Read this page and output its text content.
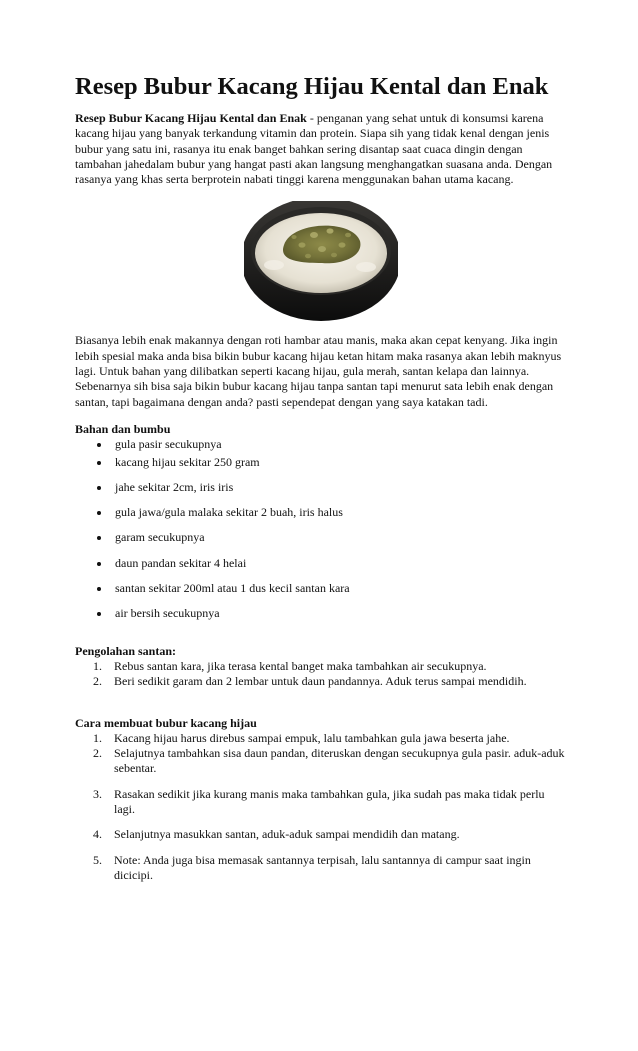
Resep Bubur Kacang Hijau Kental dan Enak

Resep Bubur Kacang Hijau Kental dan Enak - penganan yang sehat untuk di konsumsi karena kacang hijau yang banyak terkandung vitamin dan protein. Siapa sih yang tidak kenal dengan jenis bubur yang satu ini, rasanya itu enak banget bahkan sering disantap saat cuaca dingin dengan tambahan jahedalam bubur yang hangat pasti akan langsung menghangatkan suasana anda. Dengan rasanya yang khas serta berprotein nabati tinggi karena menggunakan bahan utama kacang.

Biasanya lebih enak makannya dengan roti hambar atau manis, maka akan cepat kenyang. Jika ingin lebih spesial maka anda bisa bikin bubur kacang hijau ketan hitam maka rasanya akan lebih maknyus lagi. Untuk bahan yang dilibatkan seperti kacang hijau, gula merah, santan kelapa dan lainnya. Sebenarnya sih bisa saja bikin bubur kacang hijau tanpa santan tapi menurut sata lebih enak dengan santan, tapi bagaimana dengan anda? pasti sependepat dengan yang saya katakan tadi.

Bahan dan bumbu

gula pasir secukupnya
kacang hijau sekitar 250 gram
jahe sekitar 2cm, iris iris
gula jawa/gula malaka sekitar 2 buah, iris halus
garam secukupnya
daun pandan sekitar 4 helai
santan sekitar 200ml atau 1 dus kecil santan kara
air bersih secukupnya

Pengolahan santan:

1. Rebus santan kara, jika terasa kental banget maka tambahkan air secukupnya.
2. Beri sedikit garam dan 2 lembar untuk daun pandannya. Aduk terus sampai mendidih.

Cara membuat bubur kacang hijau

1. Kacang hijau harus direbus sampai empuk, lalu tambahkan gula jawa beserta jahe.
2. Selajutnya tambahkan sisa daun pandan, diteruskan dengan secukupnya gula pasir. aduk-aduk sebentar.
3. Rasakan sedikit jika kurang manis maka tambahkan gula, jika sudah pas maka tidak perlu lagi.
4. Selanjutnya masukkan santan, aduk-aduk sampai mendidih dan matang.
5. Note: Anda juga bisa memasak santannya terpisah, lalu santannya di campur saat ingin dicicipi.
